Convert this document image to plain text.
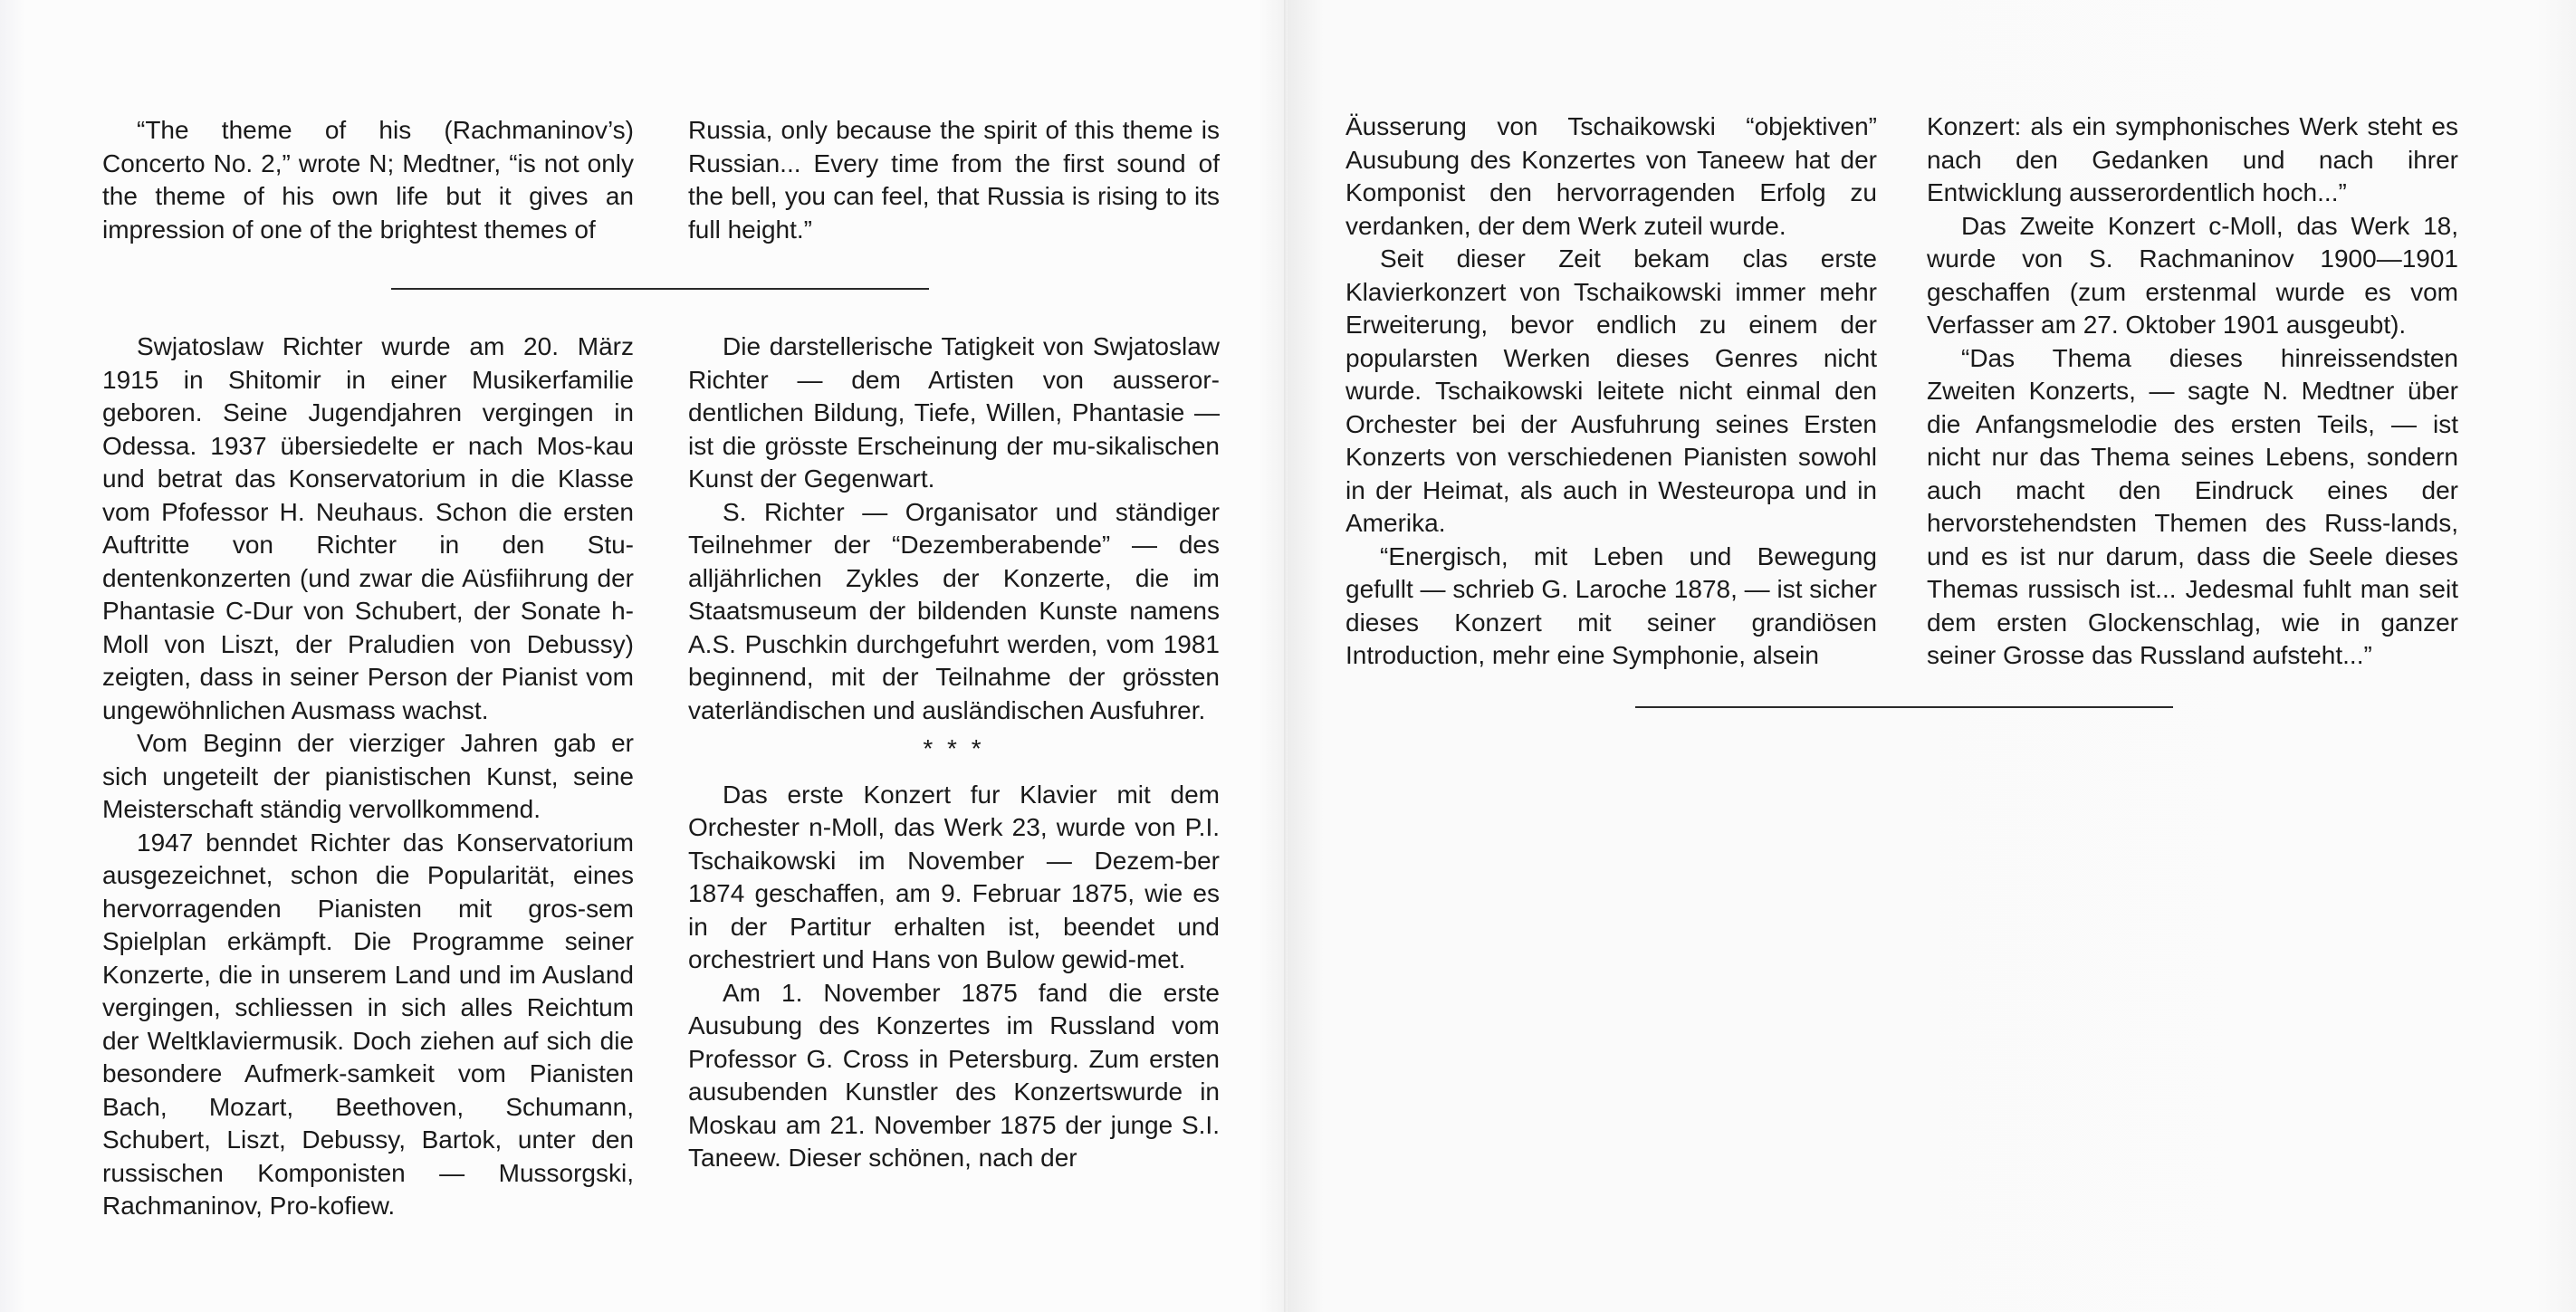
“The theme of his (Rachmaninov’s) Concerto No. 2,” wrote N; Medtner, “is not only the theme of his own life but it gives an impression of one of the brightest themes of

Russia, only because the spirit of this theme is Russian... Every time from the first sound of the bell, you can feel, that Russia is rising to its full height.”

Swjatoslaw Richter wurde am 20. März 1915 in Shitomir in einer Musikerfamilie geboren. Seine Jugendjahren vergingen in Odessa. 1937 übersiedelte er nach Mos-kau und betrat das Konservatorium in die Klasse vom Pfofessor H. Neuhaus. Schon die ersten Auftritte von Richter in den Stu-dentenkonzerten (und zwar die Aüsfiihrung der Phantasie C-Dur von Schubert, der Sonate h-Moll von Liszt, der Praludien von Debussy) zeigten, dass in seiner Person der Pianist vom ungewöhnlichen Ausmass wachst.

Vom Beginn der vierziger Jahren gab er sich ungeteilt der pianistischen Kunst, seine Meisterschaft ständig vervollkommend.

1947 benndet Richter das Konservatorium ausgezeichnet, schon die Popularität, eines hervorragenden Pianisten mit gros-sem Spielplan erkämpft. Die Programme seiner Konzerte, die in unserem Land und im Ausland vergingen, schliessen in sich alles Reichtum der Weltklaviermusik. Doch ziehen auf sich die besondere Aufmerk-samkeit vom Pianisten Bach, Mozart, Beethoven, Schumann, Schubert, Liszt, Debussy, Bartok, unter den russischen Komponisten — Mussorgski, Rachmaninov, Pro-kofiew.

Die darstellerische Tatigkeit von Swjatoslaw Richter — dem Artisten von ausseror-dentlichen Bildung, Tiefe, Willen, Phantasie — ist die grösste Erscheinung der mu-sikalischen Kunst der Gegenwart.

S. Richter — Organisator und ständiger Teilnehmer der “Dezemberabende” — des alljährlichen Zykles der Konzerte, die im Staatsmuseum der bildenden Kunste namens A.S. Puschkin durchgefuhrt werden, vom 1981 beginnend, mit der Teilnahme der grössten vaterländischen und ausländischen Ausfuhrer.

* * *

Das erste Konzert fur Klavier mit dem Orchester n-Moll, das Werk 23, wurde von P.I. Tschaikowski im November — Dezem-ber 1874 geschaffen, am 9. Februar 1875, wie es in der Partitur erhalten ist, beendet und orchestriert und Hans von Bulow gewid-met.

Am 1. November 1875 fand die erste Ausubung des Konzertes im Russland vom Professor G. Cross in Petersburg. Zum ersten ausubenden Kunstler des Konzertswurde in Moskau am 21. November 1875 der junge S.I. Taneew. Dieser schönen, nach der

Äusserung von Tschaikowski “objektiven” Ausubung des Konzertes von Taneew hat der Komponist den hervorragenden Erfolg zu verdanken, der dem Werk zuteil wurde.

Seit dieser Zeit bekam clas erste Klavierkonzert von Tschaikowski immer mehr Erweiterung, bevor endlich zu einem der popularsten Werken dieses Genres nicht wurde. Tschaikowski leitete nicht einmal den Orchester bei der Ausfuhrung seines Ersten Konzerts von verschiedenen Pianisten sowohl in der Heimat, als auch in Westeuropa und in Amerika.

“Energisch, mit Leben und Bewegung gefullt — schrieb G. Laroche 1878, — ist sicher dieses Konzert mit seiner grandiösen Introduction, mehr eine Symphonie, alsein

Konzert: als ein symphonisches Werk steht es nach den Gedanken und nach ihrer Entwicklung ausserordentlich hoch...”

Das Zweite Konzert c-Moll, das Werk 18, wurde von S. Rachmaninov 1900—1901 geschaffen (zum erstenmal wurde es vom Verfasser am 27. Oktober 1901 ausgeubt).

“Das Thema dieses hinreissendsten Zweiten Konzerts, — sagte N. Medtner über die Anfangsmelodie des ersten Teils, — ist nicht nur das Thema seines Lebens, sondern auch macht den Eindruck eines der hervorstehendsten Themen des Russ-lands, und es ist nur darum, dass die Seele dieses Themas russisch ist... Jedesmal fuhlt man seit dem ersten Glockenschlag, wie in ganzer seiner Grosse das Russland aufsteht...”
